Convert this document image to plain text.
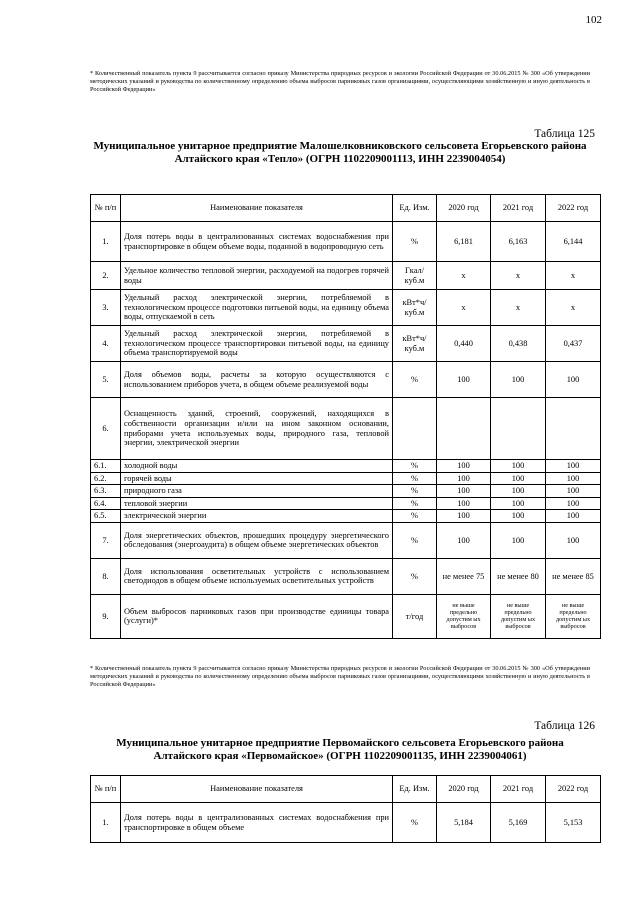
102
* Количественный показатель пункта 9 рассчитывается согласно приказу Министерства природных ресурсов и экологии Российской Федерации от 30.06.2015 № 300 «Об утверждении методических указаний и руководства по количественному определению объема выбросов парниковых газов организациями, осуществляющими хозяйственную и иную деятельность в Российской Федерации»
Таблица 125
Муниципальное унитарное предприятие Малошелковниковского сельсовета Егорьевского района Алтайского края «Тепло» (ОГРН 1102209001113, ИНН 2239004054)
№ п/п	Наименование показателя	Ед. Изм.	2020 год	2021 год	2022 год
1.	Доля потерь воды в централизованных системах водоснабжения при транспортировке в общем объеме воды, поданной в водопроводную сеть	%	6,181	6,163	6,144
2.	Удельное количество тепловой энергии, расходуемой на подогрев горячей воды	Гкал/ куб.м	х	х	х
3.	Удельный расход электрической энергии, потребляемой в технологическом процессе подготовки питьевой воды, на единицу объема воды, отпускаемой в сеть	кВт*ч/ куб.м	х	х	х
4.	Удельный расход электрической энергии, потребляемой в технологическом процессе транспортировки питьевой воды, на единицу объема транспортируемой воды	кВт*ч/ куб.м	0,440	0,438	0,437
5.	Доля объемов воды, расчеты за которую осуществляются с использованием приборов учета, в общем объеме реализуемой воды	%	100	100	100
6.	Оснащенность зданий, строений, сооружений, находящихся в собственности организации и/или на ином законном основании, приборами учета используемых воды, природного газа, тепловой энергии, электрической энергии				
6.1.	холодной воды	%	100	100	100
6.2.	горячей воды	%	100	100	100
6.3.	природного газа	%	100	100	100
6.4.	тепловой энергии	%	100	100	100
6.5.	электрической энергии	%	100	100	100
7.	Доля энергетических объектов, прошедших процедуру энергетического обследования (энергоаудита) в общем объеме энергетических объектов	%	100	100	100
8.	Доля использования осветительных устройств с использованием светодиодов в общем объеме используемых осветительных устройств	%	не менее 75	не менее 80	не менее 85
9.	Объем выбросов парниковых газов при производстве единицы товара (услуги)*	т/год	не выше предельно допустим ых выбросов	не выше предельно допустим ых выбросов	не выше предельно допустим ых выбросов
* Количественный показатель пункта 9 рассчитывается согласно приказу Министерства природных ресурсов и экологии Российской Федерации от 30.06.2015 № 300 «Об утверждении методических указаний и руководства по количественному определению объема выбросов парниковых газов организациями, осуществляющими хозяйственную и иную деятельность в Российской Федерации»
Таблица 126
Муниципальное унитарное предприятие Первомайского сельсовета Егорьевского района Алтайского края «Первомайское» (ОГРН 1102209001135, ИНН 2239004061)
№ п/п	Наименование показателя	Ед. Изм.	2020 год	2021 год	2022 год
1.	Доля потерь воды в централизованных системах водоснабжения при транспортировке в общем объеме	%	5,184	5,169	5,153
